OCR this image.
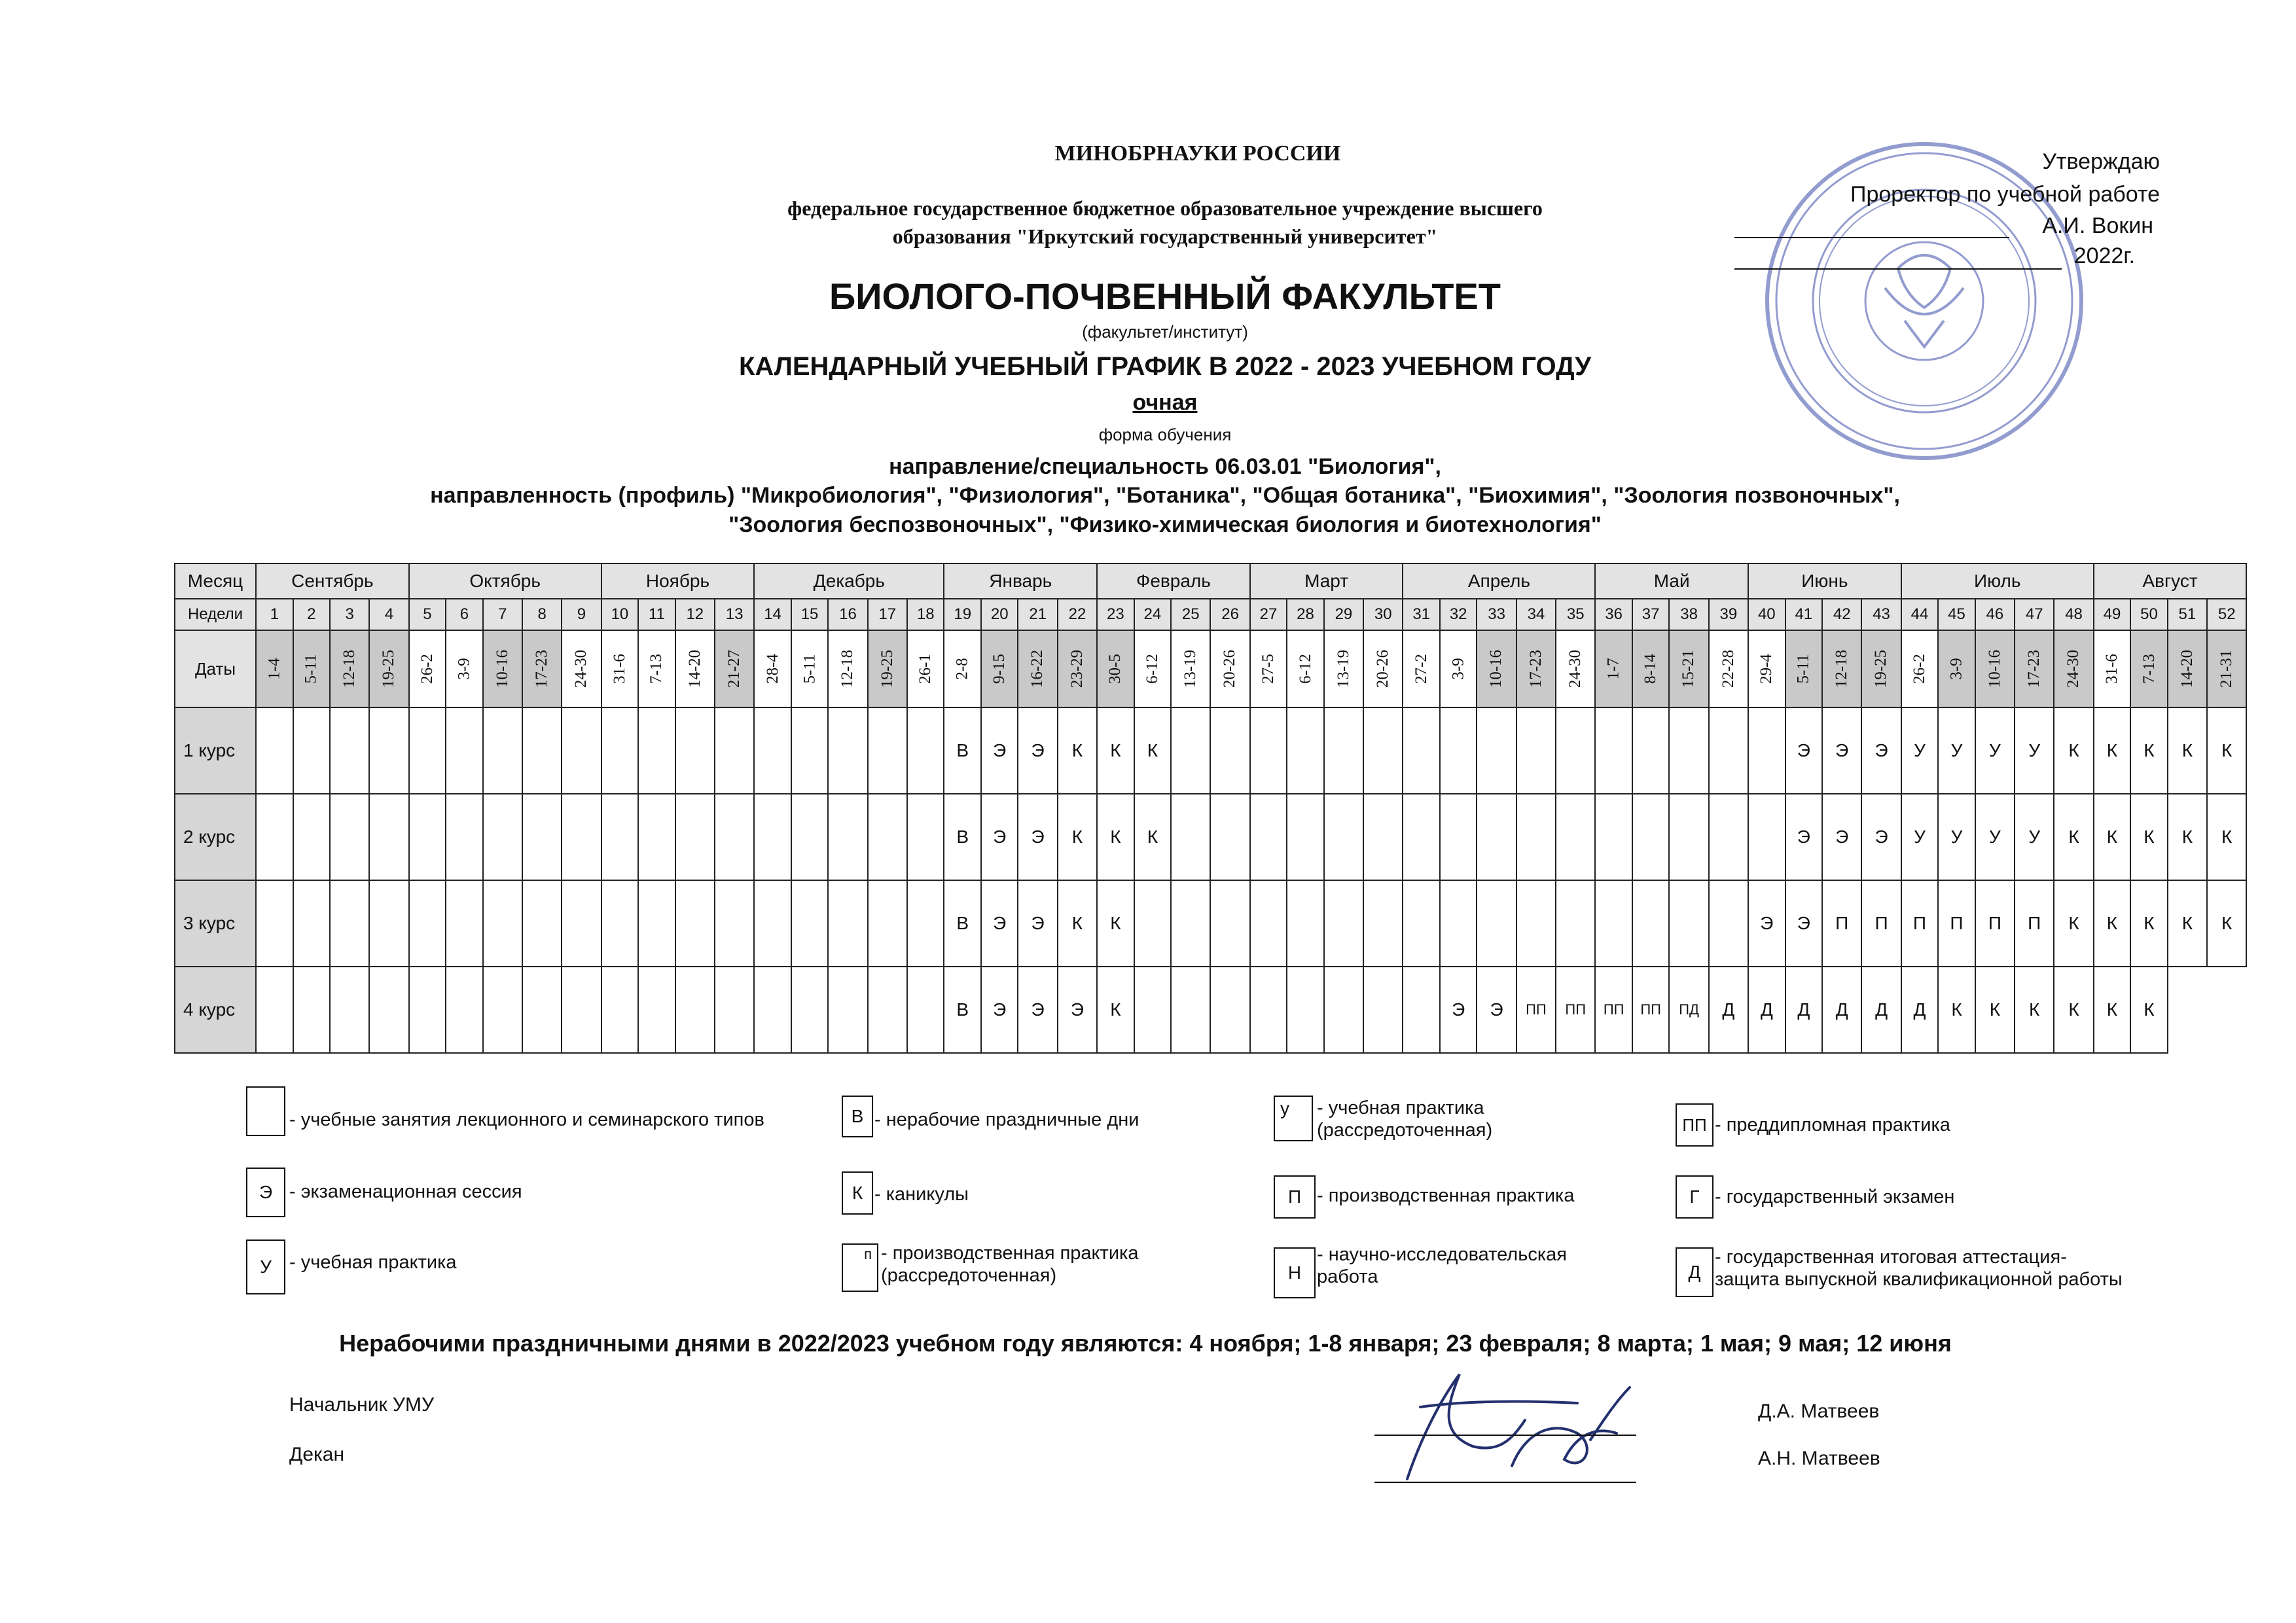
МИНОБРНАУКИ РОССИИ
федеральное государственное бюджетное образовательное учреждение высшего
образования "Иркутский государственный университет"
БИОЛОГО-ПОЧВЕННЫЙ ФАКУЛЬТЕТ
(факультет/институт)
КАЛЕНДАРНЫЙ УЧЕБНЫЙ ГРАФИК В 2022 - 2023 УЧЕБНОМ ГОДУ
очная
форма обучения
направление/специальность 06.03.01 "Биология",
направленность (профиль) "Микробиология", "Физиология", "Ботаника", "Общая ботаника", "Биохимия", "Зоология позвоночных",
"Зоология беспозвоночных", "Физико-химическая биология и биотехнология"
Утверждаю
Проректор по учебной работе
А.И. Вокин
2022г.
Месяц	Сентябрь				Октябрь					Ноябрь				Декабрь					Январь				Февраль				Март				Апрель					Май				Июнь				Июль					Август			
Недели	1	2	3	4	5	6	7	8	9	10	11	12	13	14	15	16	17	18	19	20	21	22	23	24	25	26	27	28	29	30	31	32	33	34	35	36	37	38	39	40	41	42	43	44	45	46	47	48	49	50	51	52
Даты	1-4	5-11	12-18	19-25	26-2	3-9	10-16	17-23	24-30	31-6	7-13	14-20	21-27	28-4	5-11	12-18	19-25	26-1	2-8	9-15	16-22	23-29	30-5	6-12	13-19	20-26	27-5	6-12	13-19	20-26	27-2	3-9	10-16	17-23	24-30	1-7	8-14	15-21	22-28	29-4	5-11	12-18	19-25	26-2	3-9	10-16	17-23	24-30	31-6	7-13	14-20	21-31
1 курс																			В	Э	Э	К	К	К																	Э	Э	Э	У	У	У	У	К	К	К	К	К
2 курс																			В	Э	Э	К	К	К																	Э	Э	Э	У	У	У	У	К	К	К	К	К
3 курс																			В	Э	Э	К	К																	Э	Э	П	П	П	П	П	П	К	К	К	К	К
4 курс																			В	Э	Э	Э	К									Э	Э	ПП	ПП	ПП	ПП	ПД	Д	Д	Д	Д	Д	Д	К	К	К	К	К	К		
- учебные занятия лекционного и семинарского типов	В - нерабочие праздничные дни
у	- учебная практика
(рассредоточенная)	ПП - преддипломная практика
Э - экзаменационная сессия	К - каникулы	П - производственная практика	Г - государственный экзамен
У - учебная практика	п - производственная практика
(рассредоточенная)	Н
- научно-исследовательская
работа	Д
- государственная итоговая аттестация-
защита выпускной квалификационной работы
Нерабочими праздничными днями в 2022/2023 учебном году являются: 4 ноября; 1-8 января; 23 февраля; 8 марта; 1 мая; 9 мая; 12 июня
Начальник УМУ
Декан
Д.А. Матвеев
А.Н. Матвеев
